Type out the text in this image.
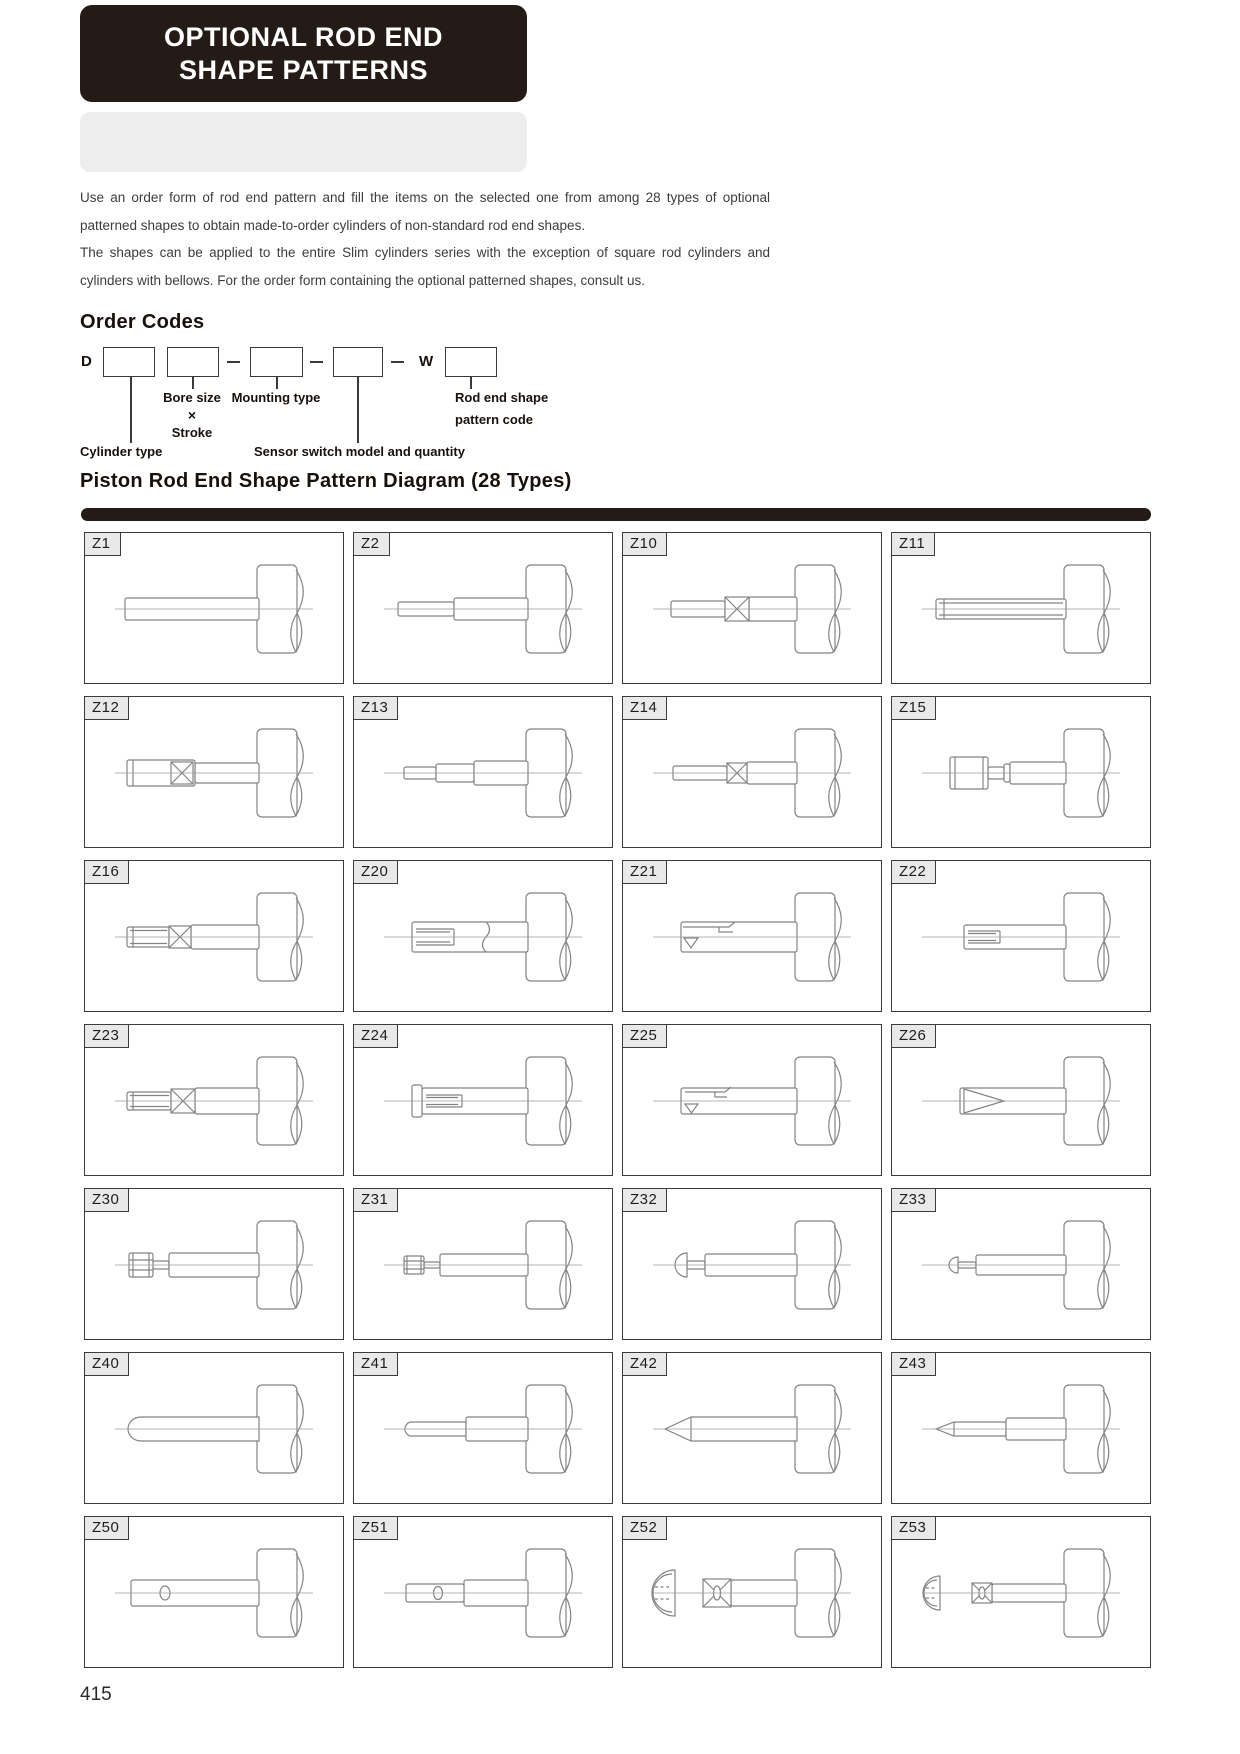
OPTIONAL ROD END
SHAPE PATTERNS

Use an order form of rod end pattern and fill the items on the selected one from among 28 types of optional patterned shapes to obtain made-to-order cylinders of non-standard rod end shapes.

The shapes can be applied to the entire Slim cylinders series with the exception of square rod cylinders and cylinders with bellows. For the order form containing the optional patterned shapes, consult us.

Order Codes
D	W
Bore size
×
Stroke
Mounting type	Rod end shape
pattern code
Cylinder type	Sensor switch model and quantity
Piston Rod End Shape Pattern Diagram (28 Types)
Z1	Z2	Z10	Z11
Z12	Z13	Z14	Z15
Z16	Z20	Z21	Z22
Z23	Z24	Z25	Z26
Z30	Z31	Z32	Z33
Z40	Z41	Z42	Z43
Z50	Z51	Z52	Z53
415
